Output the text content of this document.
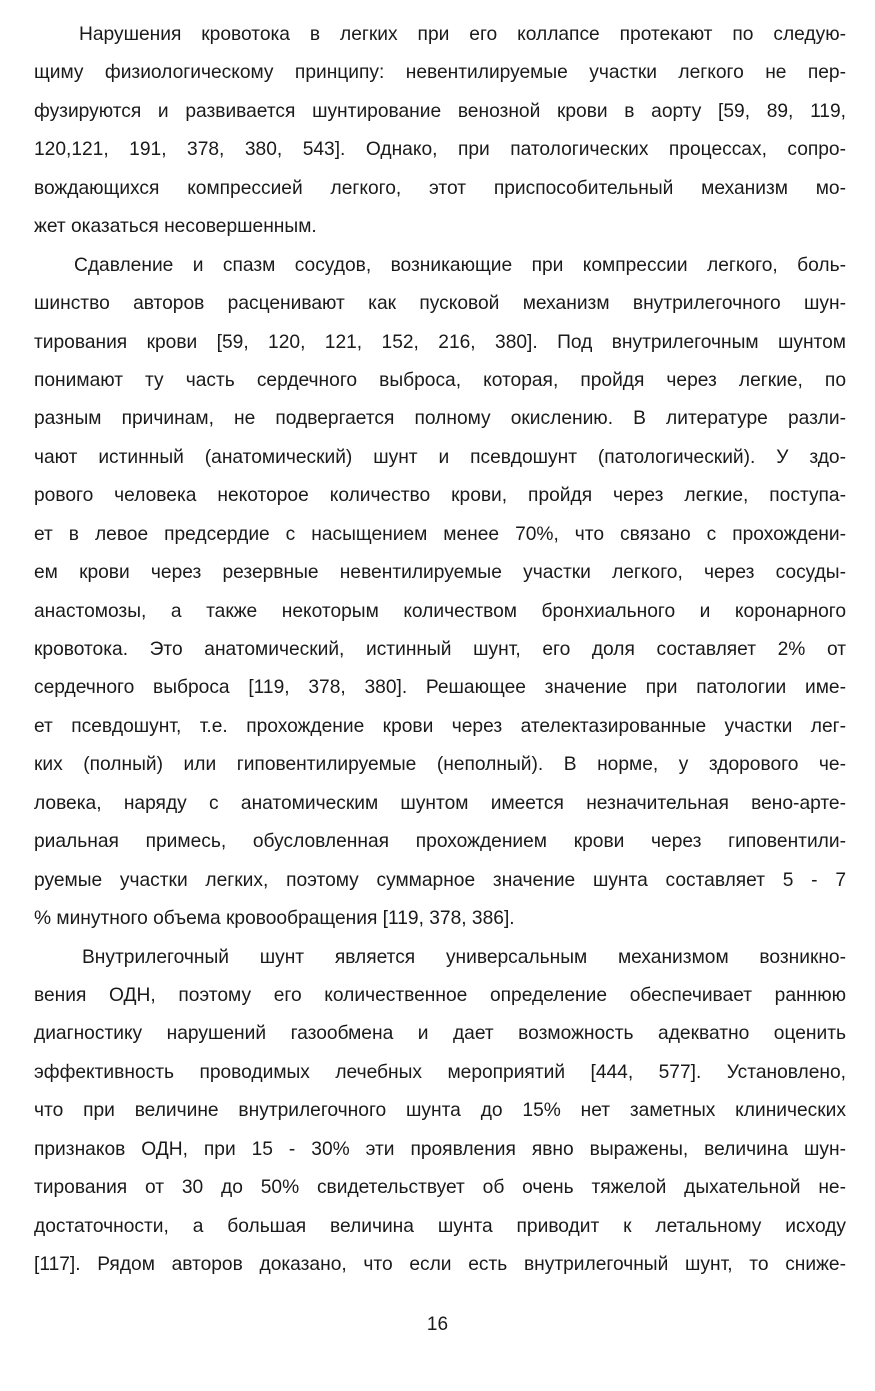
Нарушения кровотока в легких при его коллапсе протекают по следую-
щиму физиологическому принципу: невентилируемые участки легкого не пер-
фузируются и развивается шунтирование венозной крови в аорту [59, 89, 119,
120,121, 191, 378, 380, 543]. Однако, при патологических процессах, сопро-
вождающихся компрессией легкого, этот приспособительный механизм мо-
жет оказаться несовершенным.
Сдавление и спазм сосудов, возникающие при компрессии легкого, боль-
шинство авторов расценивают как пусковой механизм внутрилегочного шун-
тирования крови [59, 120, 121, 152, 216, 380]. Под внутрилегочным шунтом
понимают ту часть сердечного выброса, которая, пройдя через легкие, по
разным причинам, не подвергается полному окислению. В литературе разли-
чают истинный (анатомический) шунт и псевдошунт (патологический). У здо-
рового человека некоторое количество крови, пройдя через легкие, поступа-
ет в левое предсердие с насыщением менее 70%, что связано с прохождени-
ем крови через резервные невентилируемые участки легкого, через сосуды-
анастомозы, а также некоторым количеством бронхиального и коронарного
кровотока. Это анатомический, истинный шунт, его доля составляет 2% от
сердечного выброса [119, 378, 380]. Решающее значение при патологии име-
ет псевдошунт, т.е. прохождение крови через ателектазированные участки лег-
ких (полный) или гиповентилируемые (неполный). В норме, у здорового че-
ловека, наряду с анатомическим шунтом имеется незначительная вено-арте-
риальная примесь, обусловленная прохождением крови через гиповентили-
руемые участки легких, поэтому суммарное значение шунта составляет 5 - 7
% минутного объема кровообращения [119, 378, 386].
Внутрилегочный шунт является универсальным механизмом возникно-
вения ОДН, поэтому его количественное определение обеспечивает раннюю
диагностику нарушений газообмена и дает возможность адекватно оценить
эффективность проводимых лечебных мероприятий [444, 577]. Установлено,
что при величине внутрилегочного шунта до 15% нет заметных клинических
признаков ОДН, при 15 - 30% эти проявления явно выражены, величина шун-
тирования от 30 до 50% свидетельствует об очень тяжелой дыхательной не-
достаточности, а большая величина шунта приводит к летальному исходу
[117]. Рядом авторов доказано, что если есть внутрилегочный шунт, то сниже-
16
